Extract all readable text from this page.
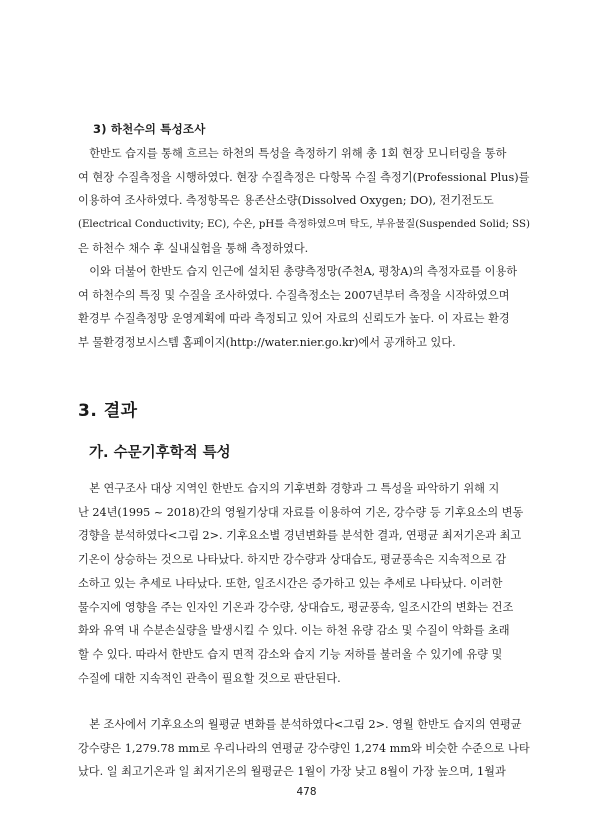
3) 하천수의 특성조사
　한반도 습지를 통해 흐르는 하천의 특성을 측정하기 위해 총 1회 현장 모니터링을 통하
여 현장 수질측정을 시행하였다. 현장 수질측정은 다항목 수질 측정기(Professional Plus)를
이용하여 조사하였다. 측정항목은 용존산소량(Dissolved Oxygen; DO), 전기전도도
(Electrical Conductivity; EC), 수온, pH를 측정하였으며 탁도, 부유물질(Suspended Solid; SS)
은 하천수 채수 후 실내실험을 통해 측정하였다.
　이와 더불어 한반도 습지 인근에 설치된 총량측정망(주천A, 평창A)의 측정자료를 이용하
여 하천수의 특징 및 수질을 조사하였다. 수질측정소는 2007년부터 측정을 시작하였으며
환경부 수질측정망 운영계획에 따라 측정되고 있어 자료의 신뢰도가 높다. 이 자료는 환경
부 물환경정보시스템 홈페이지(http://water.nier.go.kr)에서 공개하고 있다.
3. 결과
가. 수문기후학적 특성
　본 연구조사 대상 지역인 한반도 습지의 기후변화 경향과 그 특성을 파악하기 위해 지
난 24년(1995 ~ 2018)간의 영월기상대 자료를 이용하여 기온, 강수량 등 기후요소의 변동
경향을 분석하였다<그림 2>. 기후요소별 경년변화를 분석한 결과, 연평균 최저기온과 최고
기온이 상승하는 것으로 나타났다. 하지만 강수량과 상대습도, 평균풍속은 지속적으로 감
소하고 있는 추세로 나타났다. 또한, 일조시간은 증가하고 있는 추세로 나타났다. 이러한
물수지에 영향을 주는 인자인 기온과 강수량, 상대습도, 평균풍속, 일조시간의 변화는 건조
화와 유역 내 수분손실량을 발생시킬 수 있다. 이는 하천 유량 감소 및 수질이 악화를 초래
할 수 있다. 따라서 한반도 습지 면적 감소와 습지 기능 저하를 불러올 수 있기에 유량 및
수질에 대한 지속적인 관측이 필요할 것으로 판단된다.
　본 조사에서 기후요소의 월평균 변화를 분석하였다<그림 2>. 영월 한반도 습지의 연평균
강수량은 1,279.78 mm로 우리나라의 연평균 강수량인 1,274 mm와 비슷한 수준으로 나타
났다. 일 최고기온과 일 최저기온의 월평균은 1월이 가장 낮고 8월이 가장 높으며, 1월과
478
